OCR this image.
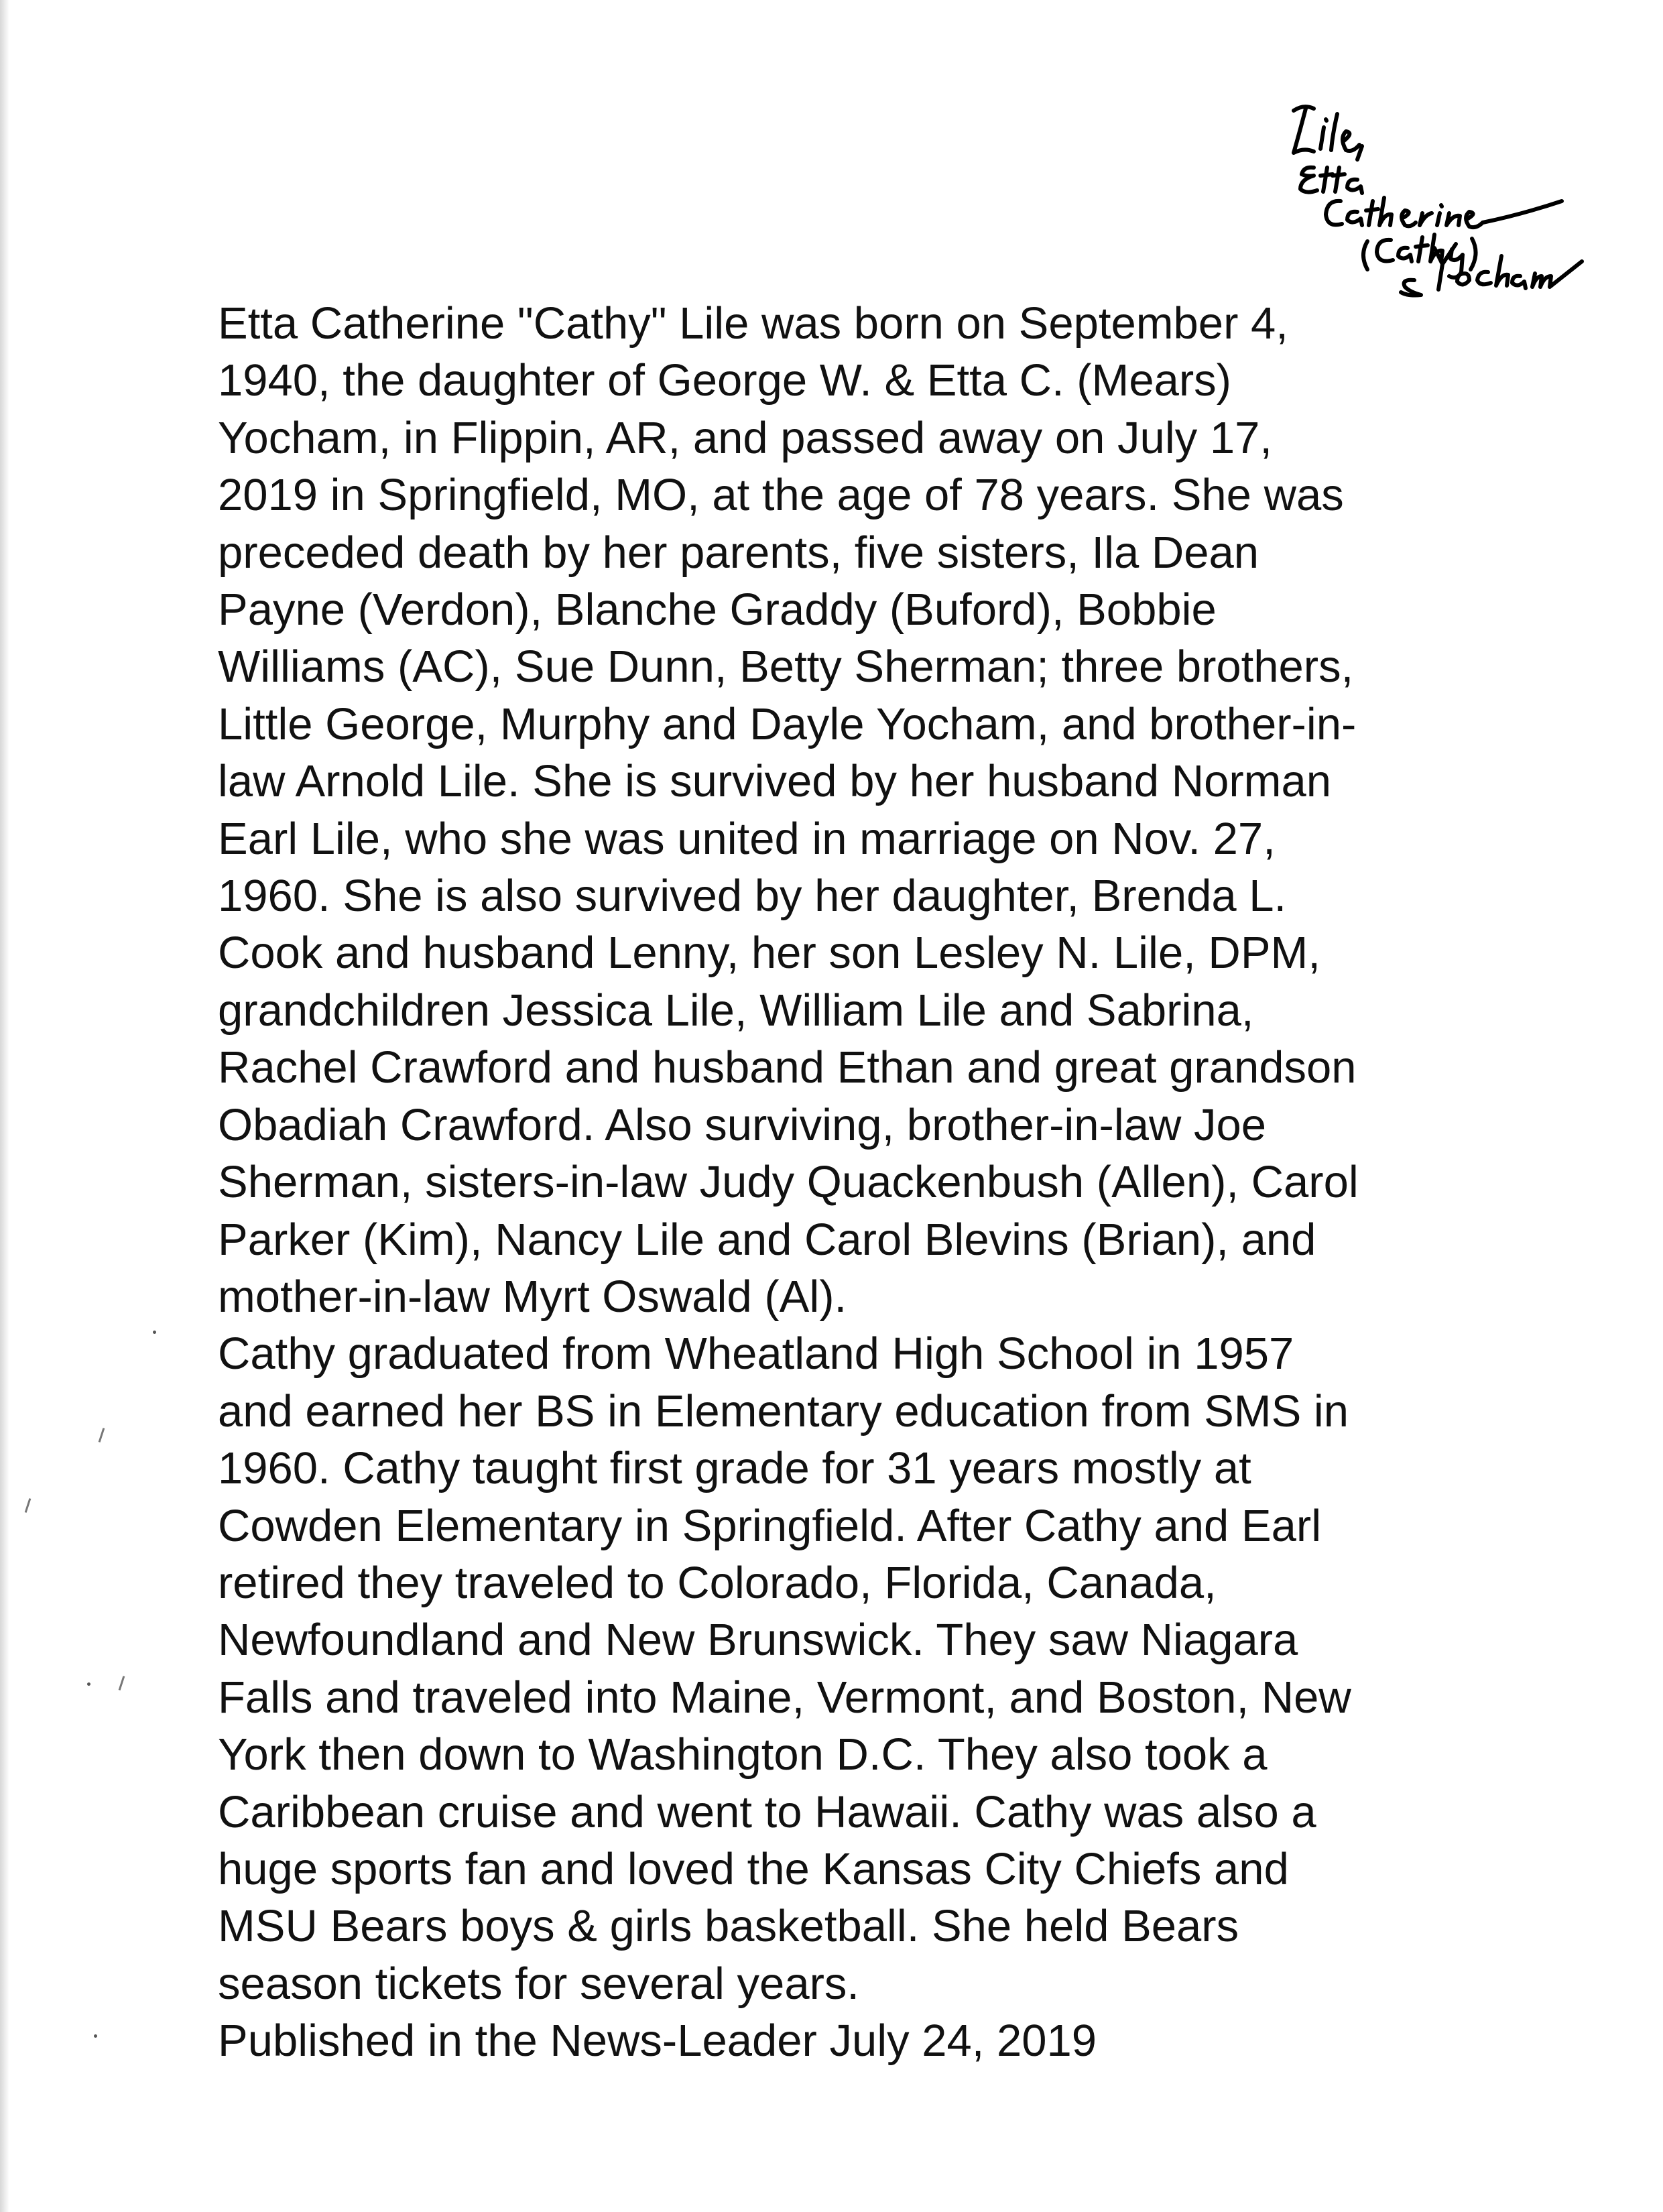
Etta Catherine "Cathy" Lile was born on September 4,
1940, the daughter of George W. & Etta C. (Mears)
Yocham, in Flippin, AR, and passed away on July 17,
2019 in Springfield, MO, at the age of 78 years. She was
preceded death by her parents, five sisters, Ila Dean
Payne (Verdon), Blanche Graddy (Buford), Bobbie
Williams (AC), Sue Dunn, Betty Sherman; three brothers,
Little George, Murphy and Dayle Yocham, and brother-in-
law Arnold Lile. She is survived by her husband Norman
Earl Lile, who she was united in marriage on Nov. 27,
1960. She is also survived by her daughter, Brenda L.
Cook and husband Lenny, her son Lesley N. Lile, DPM,
grandchildren Jessica Lile, William Lile and Sabrina,
Rachel Crawford and husband Ethan and great grandson
Obadiah Crawford. Also surviving, brother-in-law Joe
Sherman, sisters-in-law Judy Quackenbush (Allen), Carol
Parker (Kim), Nancy Lile and Carol Blevins (Brian), and
mother-in-law Myrt Oswald (Al).
Cathy graduated from Wheatland High School in 1957
and earned her BS in Elementary education from SMS in
1960. Cathy taught first grade for 31 years mostly at
Cowden Elementary in Springfield. After Cathy and Earl
retired they traveled to Colorado, Florida, Canada,
Newfoundland and New Brunswick. They saw Niagara
Falls and traveled into Maine, Vermont, and Boston, New
York then down to Washington D.C. They also took a
Caribbean cruise and went to Hawaii. Cathy was also a
huge sports fan and loved the Kansas City Chiefs and
MSU Bears boys & girls basketball. She held Bears
season tickets for several years.
Published in the News-Leader July 24, 2019
